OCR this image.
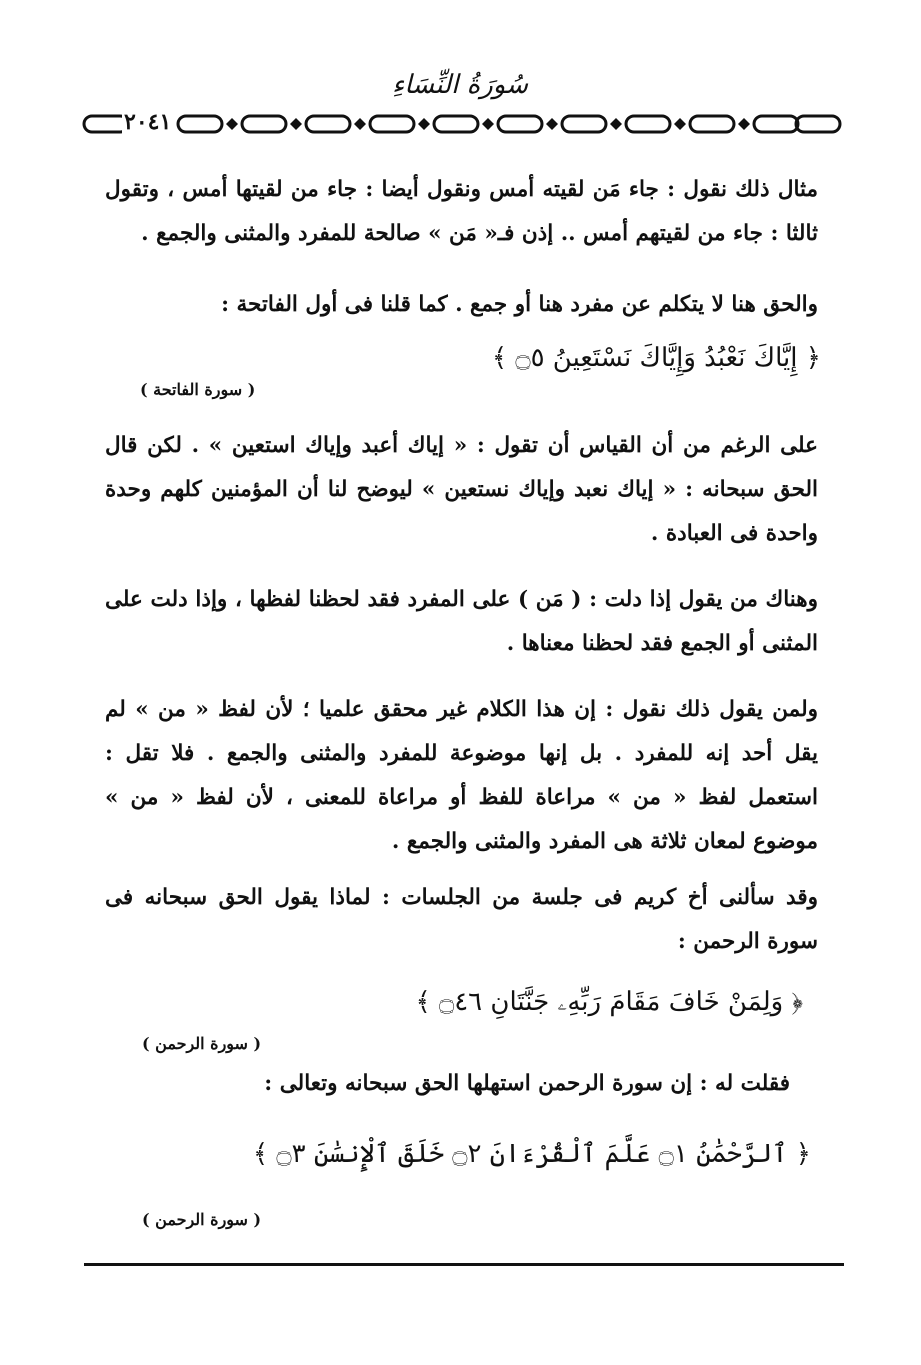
سُورَةُ النِّسَاءِ
٢٠٤١
مثال ذلك نقول : جاء مَن لقيته أمس ونقول أيضا : جاء من لقيتها أمس ، وتقول ثالثا : جاء من لقيتهم أمس .. إذن فـ« مَن » صالحة للمفرد والمثنى والجمع .
والحق هنا لا يتكلم عن مفرد هنا أو جمع . كما قلنا فى أول الفاتحة :
﴿ إِيَّاكَ نَعْبُدُ وَإِيَّاكَ نَسْتَعِينُ ۝٥ ﴾
( سورة الفاتحة )
على الرغم من أن القياس أن تقول : « إياك أعبد وإياك استعين » . لكن قال الحق سبحانه : « إياك نعبد وإياك نستعين » ليوضح لنا أن المؤمنين كلهم وحدة واحدة فى العبادة .
وهناك من يقول إذا دلت : ( مَن ) على المفرد فقد لحظنا لفظها ، وإذا دلت على المثنى أو الجمع فقد لحظنا معناها .
ولمن يقول ذلك نقول : إن هذا الكلام غير محقق علميا ؛ لأن لفظ « من » لم يقل أحد إنه للمفرد . بل إنها موضوعة للمفرد والمثنى والجمع . فلا تقل : استعمل لفظ « من » مراعاة للفظ أو مراعاة للمعنى ، لأن لفظ « من » موضوع لمعان ثلاثة هى المفرد والمثنى والجمع .
وقد سألنى أخ كريم فى جلسة من الجلسات : لماذا يقول الحق سبحانه فى سورة الرحمن :
﴿ وَلِمَنْ خَافَ مَقَامَ رَبِّهِۦ جَنَّتَانِ ۝٤٦ ﴾
( سورة الرحمن )
فقلت له : إن سورة الرحمن استهلها الحق سبحانه وتعالى :
﴿ ٱلرَّحْمَٰنُ ۝١ عَلَّمَ ٱلْقُرْءَانَ ۝٢ خَلَقَ ٱلْإِنسَٰنَ ۝٣ ﴾
( سورة الرحمن )
